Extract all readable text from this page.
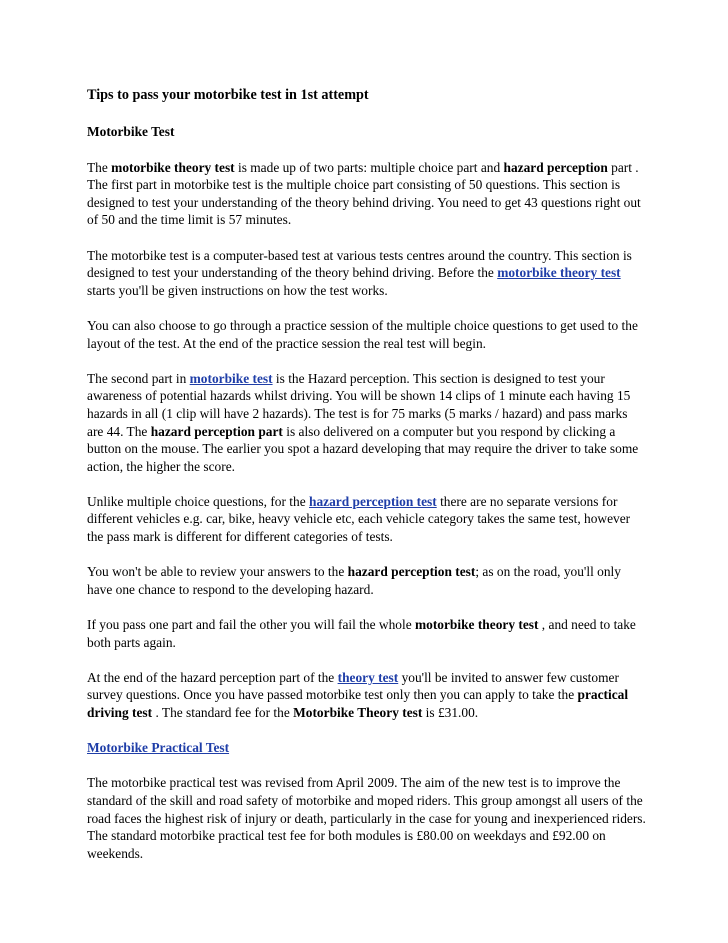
Tips to pass your motorbike test in 1st attempt
Motorbike Test

The motorbike theory test is made up of two parts: multiple choice part and hazard perception part . The first part in motorbike test is the multiple choice part consisting of 50 questions. This section is designed to test your understanding of the theory behind driving. You need to get 43 questions right out of 50 and the time limit is 57 minutes.

The motorbike test is a computer-based test at various tests centres around the country. This section is designed to test your understanding of the theory behind driving. Before the motorbike theory test starts you'll be given instructions on how the test works.

You can also choose to go through a practice session of the multiple choice questions to get used to the layout of the test. At the end of the practice session the real test will begin.

The second part in motorbike test is the Hazard perception. This section is designed to test your awareness of potential hazards whilst driving. You will be shown 14 clips of 1 minute each having 15 hazards in all (1 clip will have 2 hazards). The test is for 75 marks (5 marks / hazard) and pass marks are 44. The hazard perception part is also delivered on a computer but you respond by clicking a button on the mouse. The earlier you spot a hazard developing that may require the driver to take some action, the higher the score.

Unlike multiple choice questions, for the hazard perception test there are no separate versions for different vehicles e.g. car, bike, heavy vehicle etc, each vehicle category takes the same test, however the pass mark is different for different categories of tests.

You won't be able to review your answers to the hazard perception test; as on the road, you'll only have one chance to respond to the developing hazard.

If you pass one part and fail the other you will fail the whole motorbike theory test , and need to take both parts again.

At the end of the hazard perception part of the theory test you'll be invited to answer few customer survey questions. Once you have passed motorbike test only then you can apply to take the practical driving test . The standard fee for the Motorbike Theory test is £31.00.

Motorbike Practical Test

The motorbike practical test was revised from April 2009. The aim of the new test is to improve the standard of the skill and road safety of motorbike and moped riders. This group amongst all users of the road faces the highest risk of injury or death, particularly in the case for young and inexperienced riders. The standard motorbike practical test fee for both modules is £80.00 on weekdays and £92.00 on weekends.
